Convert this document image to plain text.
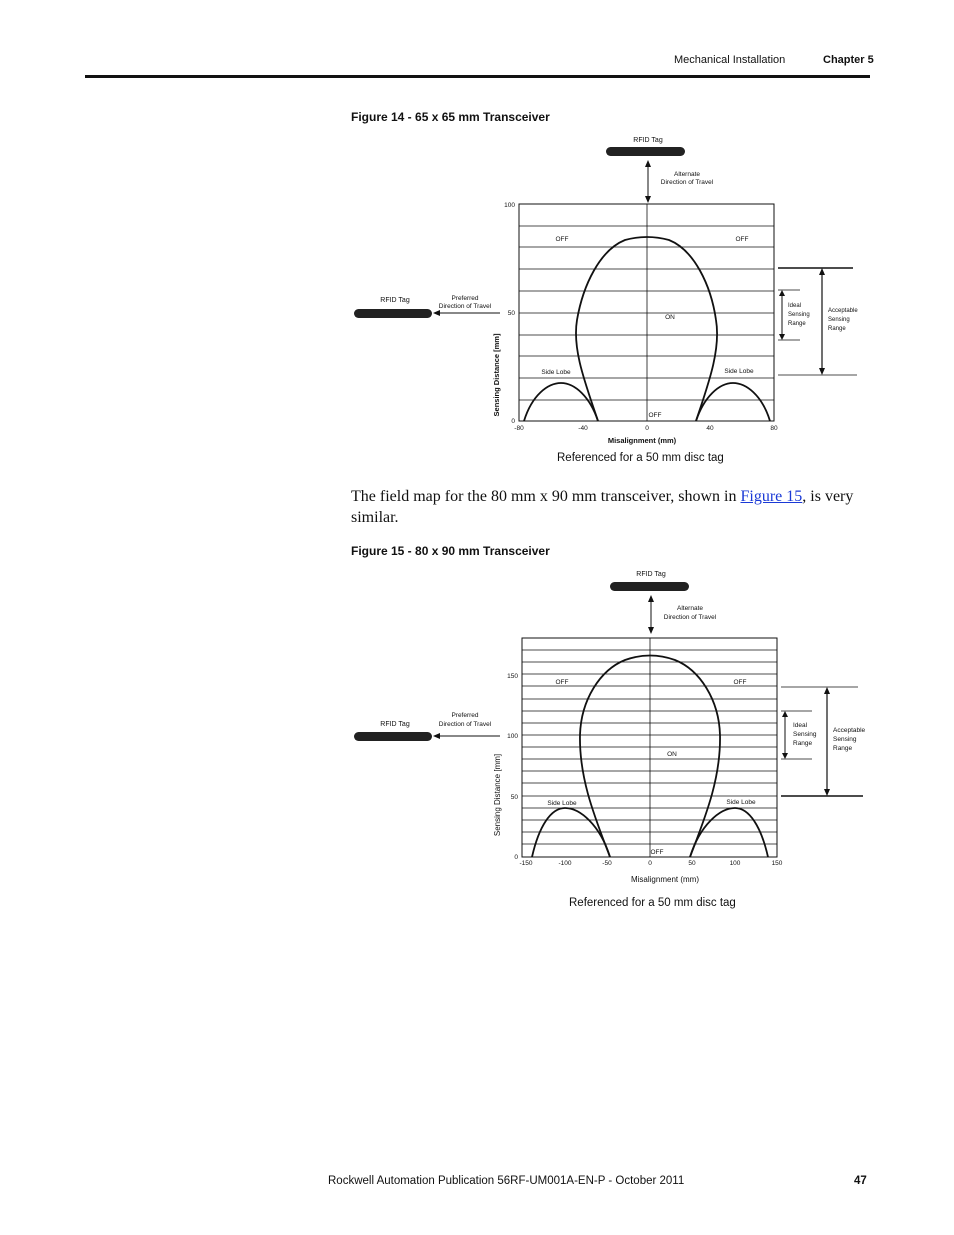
Mechanical Installation	Chapter 5
Figure 14 - 65 x 65 mm Transceiver
RFID Tag
Alternate
Direction of Travel
RFID Tag	Preferred
Direction of Travel
OFF	OFF
ON
OFF
Side Lobe	Side Lobe
100
50
0
-80	-40	0	40	80
Misalignment (mm)
Sensing Distance [mm]
Ideal
Sensing
Range
Acceptable
Sensing
Range
Referenced for a 50 mm disc tag
The field map for the 80 mm x 90 mm transceiver, shown in Figure 15, is very similar.
Figure 15 - 80 x 90 mm Transceiver
RFID Tag
Alternate
Direction of Travel
RFID Tag
Preferred
Direction of Travel
OFF	OFF
ON
OFF
Side Lobe	Side Lobe
150
100
50
0
-150	-100	-50	0	50	100	150
Misalignment (mm)
Sensing Distance [mm]
Ideal
Sensing
Range
Acceptable
Sensing
Range
Referenced for a 50 mm disc tag
Rockwell Automation Publication 56RF-UM001A-EN-P - October 2011	47
